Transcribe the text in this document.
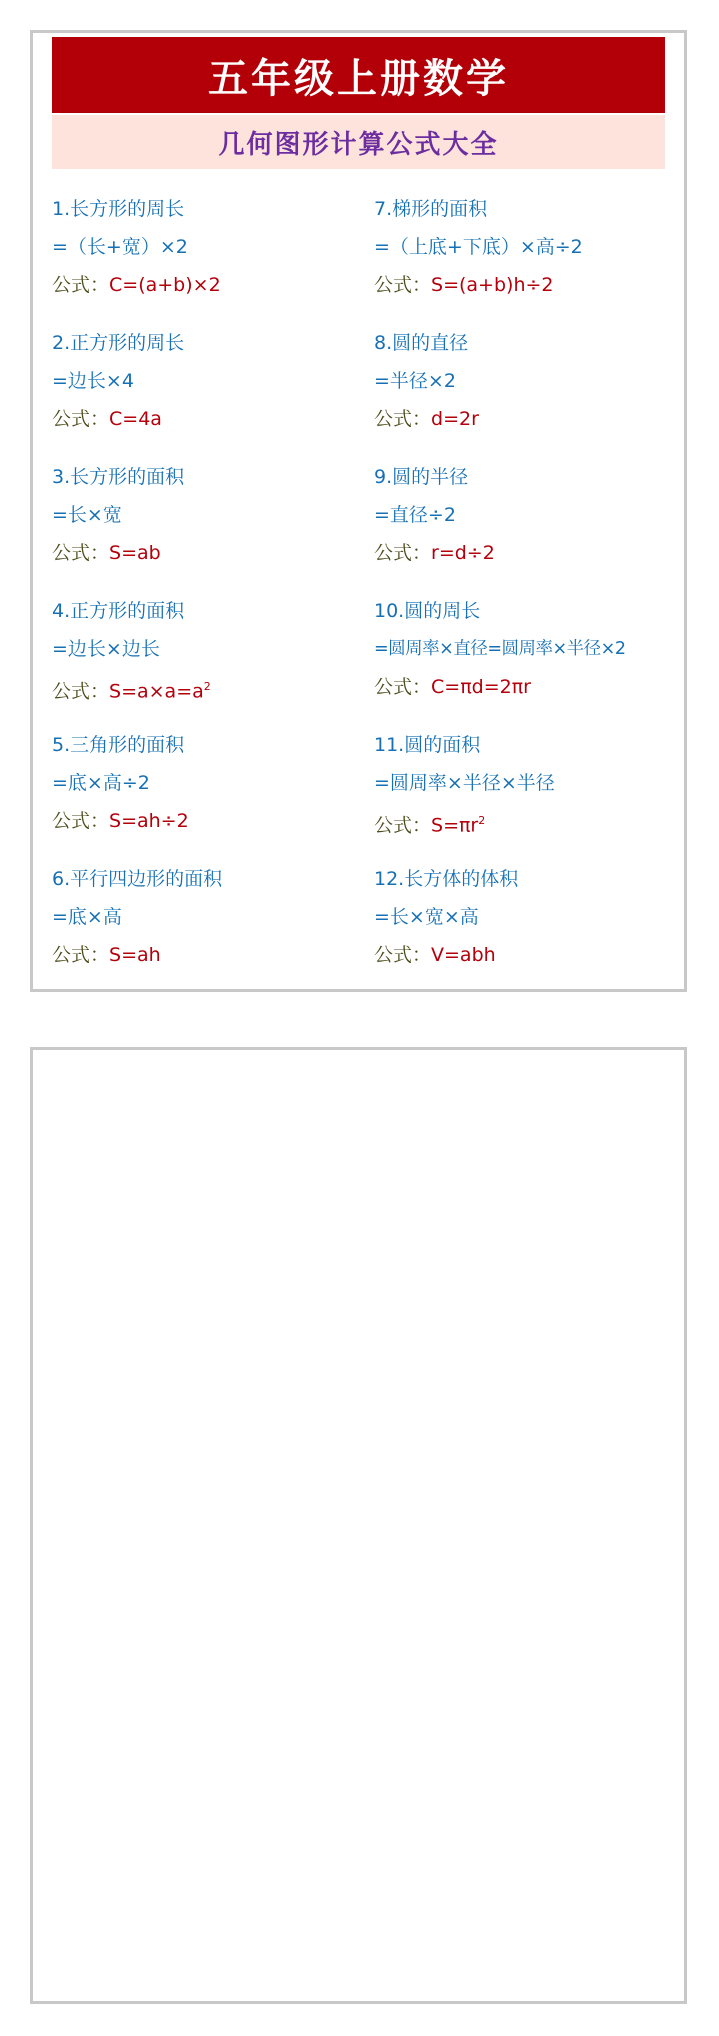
五年级上册数学
几何图形计算公式大全
1.长方形的周长
=（长+宽）×2
公式：C=(a+b)×2
2.正方形的周长
=边长×4
公式：C=4a
3.长方形的面积
=长×宽
公式：S=ab
4.正方形的面积
=边长×边长
公式：$S=a\times a=a^2$
5.三角形的面积
=底×高÷2
公式：S=ah÷2
6.平行四边形的面积
=底×高
公式：S=ah
7.梯形的面积
=（上底+下底）×高÷2
公式：S=(a+b)h÷2
8.圆的直径
=半径×2
公式：d=2r
9.圆的半径
=直径÷2
公式：r=d÷2
10.圆的周长
=圆周率×直径=圆周率×半径×2
公式：C=πd=2πr
11.圆的面积
=圆周率×半径×半径
公式：$S=\pi r^2$
12.长方体的体积
=长×宽×高
公式：V=abh
